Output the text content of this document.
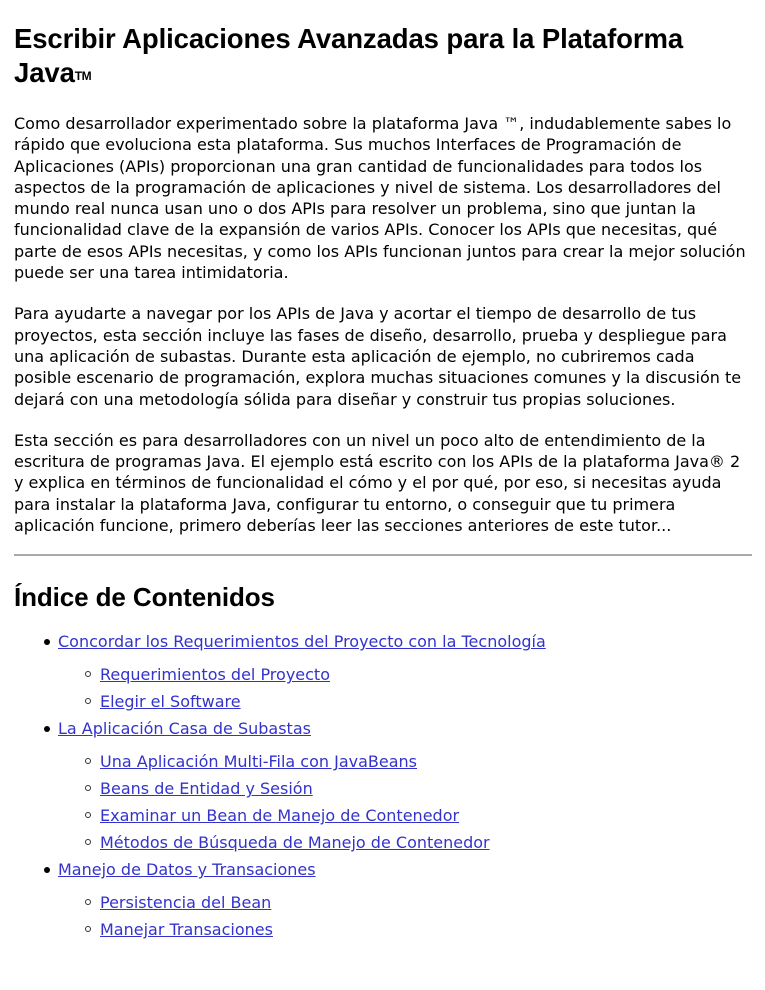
Escribir Aplicaciones Avanzadas para la Plataforma JavaTM

Como desarrollador experimentado sobre la plataforma Java ™, indudablemente sabes lo rápido que evoluciona esta plataforma. Sus muchos Interfaces de Programación de Aplicaciones (APIs) proporcionan una gran cantidad de funcionalidades para todos los aspectos de la programación de aplicaciones y nivel de sistema. Los desarrolladores del mundo real nunca usan uno o dos APIs para resolver un problema, sino que juntan la funcionalidad clave de la expansión de varios APIs. Conocer los APIs que necesitas, qué parte de esos APIs necesitas, y como los APIs funcionan juntos para crear la mejor solución puede ser una tarea intimidatoria.

Para ayudarte a navegar por los APIs de Java y acortar el tiempo de desarrollo de tus proyectos, esta sección incluye las fases de diseño, desarrollo, prueba y despliegue para una aplicación de subastas. Durante esta aplicación de ejemplo, no cubriremos cada posible escenario de programación, explora muchas situaciones comunes y la discusión te dejará con una metodología sólida para diseñar y construir tus propias soluciones.

Esta sección es para desarrolladores con un nivel un poco alto de entendimiento de la escritura de programas Java. El ejemplo está escrito con los APIs de la plataforma Java® 2 y explica en términos de funcionalidad el cómo y el por qué, por eso, si necesitas ayuda para instalar la plataforma Java, configurar tu entorno, o conseguir que tu primera aplicación funcione, primero deberías leer las secciones anteriores de este tutor...

Índice de Contenidos
Concordar los Requerimientos del Proyecto con la Tecnología
Requerimientos del Proyecto
Elegir el Software
La Aplicación Casa de Subastas
Una Aplicación Multi-Fila con JavaBeans
Beans de Entidad y Sesión
Examinar un Bean de Manejo de Contenedor
Métodos de Búsqueda de Manejo de Contenedor
Manejo de Datos y Transaciones
Persistencia del Bean
Manejar Transaciones
